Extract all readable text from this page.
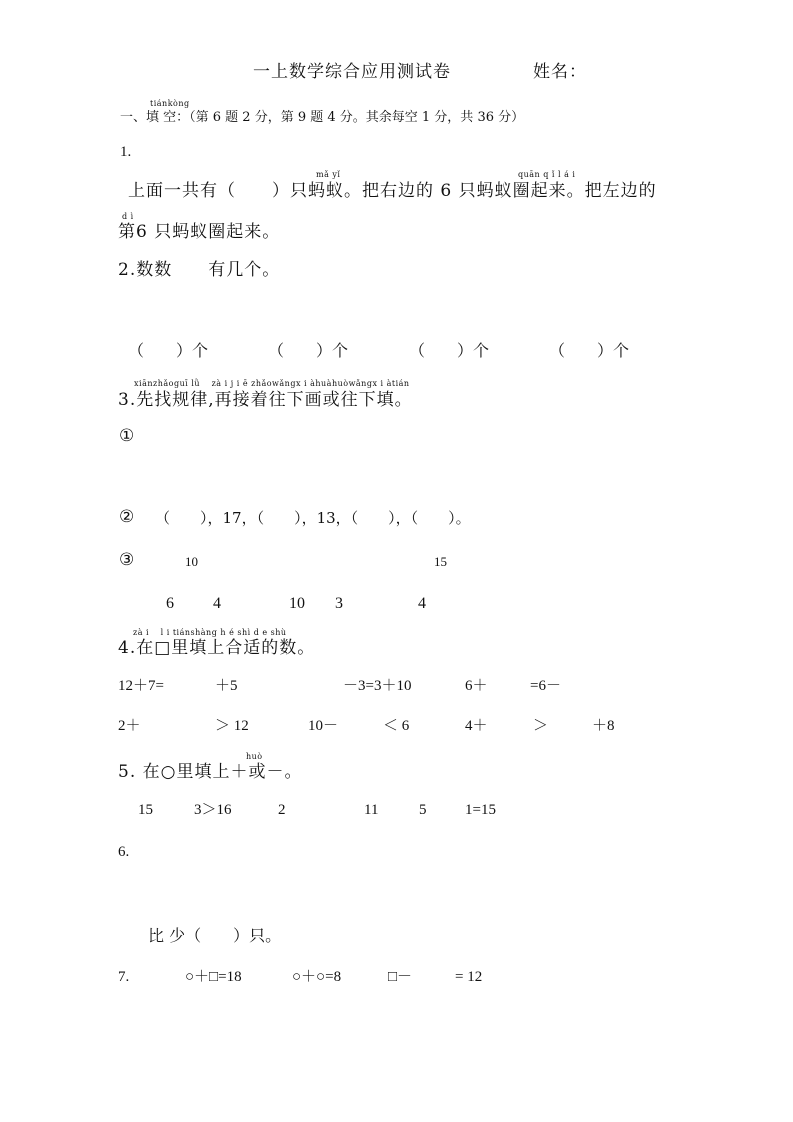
一上数学综合应用测试卷	姓名：
tiánkòng
一、填 空：（第 6 题 2 分，第 9 题 4 分。其余每空 1 分，共 36 分）
1.
mǎ yǐ	quān q ǐ l á i
上面一共有（　　）只蚂蚁。把右边的 6 只蚂蚁圈起来。把左边的
d ì
第6 只蚂蚁圈起来。
2.数数　　有几个。
（　　）个	（　　）个	（　　）个	（　　）个
xiānzhǎoguī lǜ　 zà i j i ē zhǎowǎngx i àhuàhuòwǎngx i àtián
3.先找规律,再接着往下画或往下填。
①
② （　　），17，（　　），13，（　　），（　　）。
③	10	15
6 4	10 3	4
zà i　 l i tiánshàng h é shì d e shù
4.在□里填上合适的数。
12＋7=	＋5	－3=3＋10	6＋	=6－
2＋	＞ 12	10－	＜ 6	4＋	＞	＋8
huò
5. 在○里填上＋或－。
15	3＞16	2	11	5	1=15
6.
比 少（　　）只。
7.	○＋□=18	○＋○=8	□－	= 12
